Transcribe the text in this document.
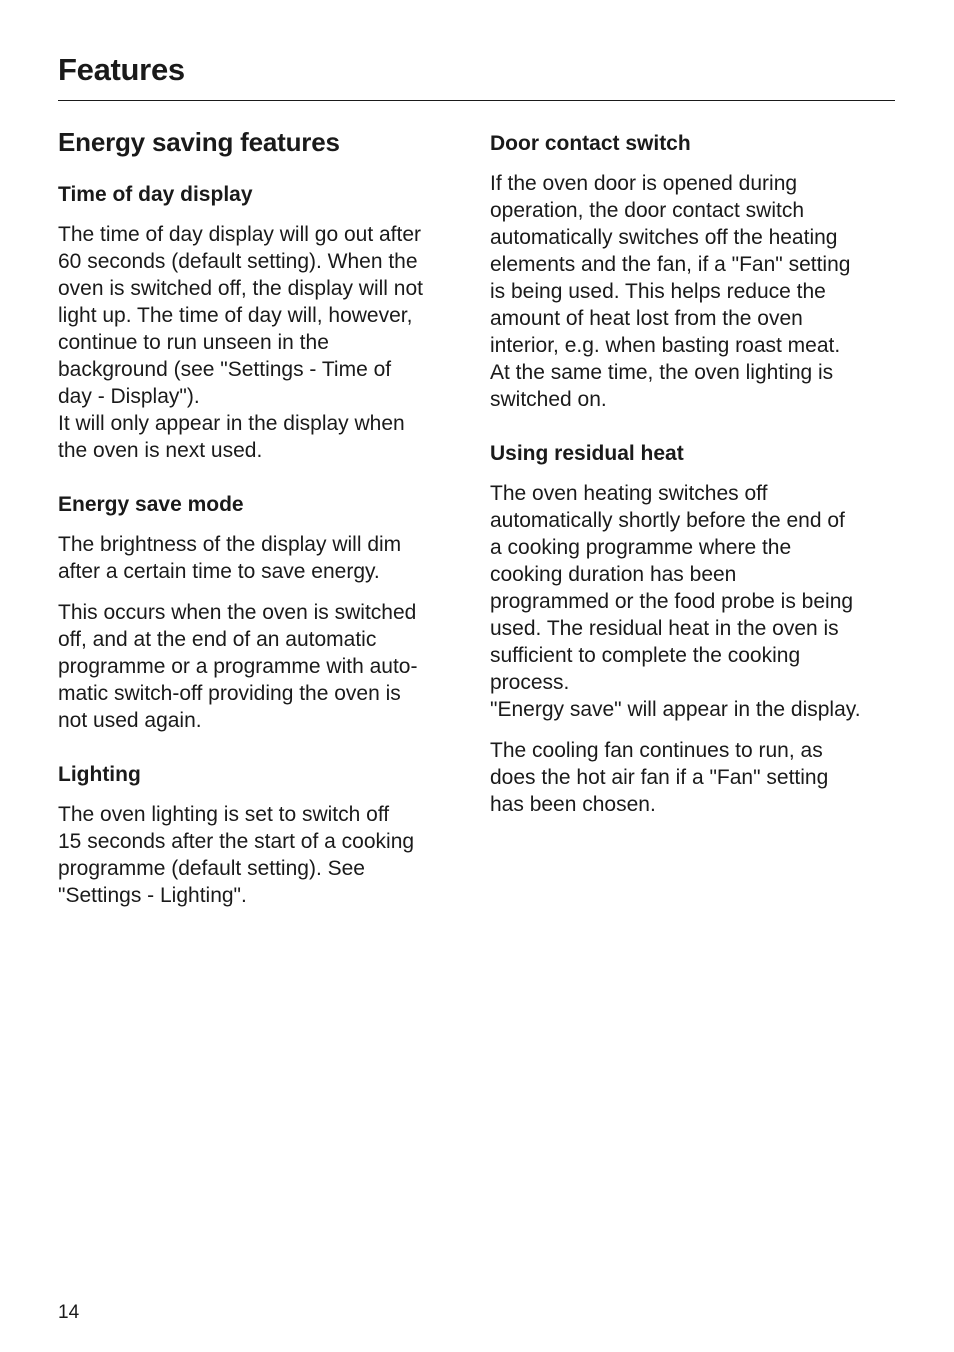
Features
Energy saving features
Time of day display

The time of day display will go out after
60 seconds (default setting). When the
oven is switched off, the display will not
light up. The time of day will, however,
continue to run unseen in the
background (see "Settings - Time of
day - Display").
It will only appear in the display when
the oven is next used.

Energy save mode

The brightness of the display will dim
after a certain time to save energy.

This occurs when the oven is switched
off, and at the end of an automatic
programme or a programme with auto-
matic switch-off providing the oven is
not used again.

Lighting

The oven lighting is set to switch off
15 seconds after the start of a cooking
programme (default setting). See
"Settings - Lighting".

Door contact switch

If the oven door is opened during
operation, the door contact switch
automatically switches off the heating
elements and the fan, if a "Fan" setting
is being used. This helps reduce the
amount of heat lost from the oven
interior, e.g. when basting roast meat.
At the same time, the oven lighting is
switched on.

Using residual heat

The oven heating switches off
automatically shortly before the end of
a cooking programme where the
cooking duration has been
programmed or the food probe is being
used. The residual heat in the oven is
sufficient to complete the cooking
process.
"Energy save" will appear in the display.

The cooling fan continues to run, as
does the hot air fan if a "Fan" setting
has been chosen.

14
